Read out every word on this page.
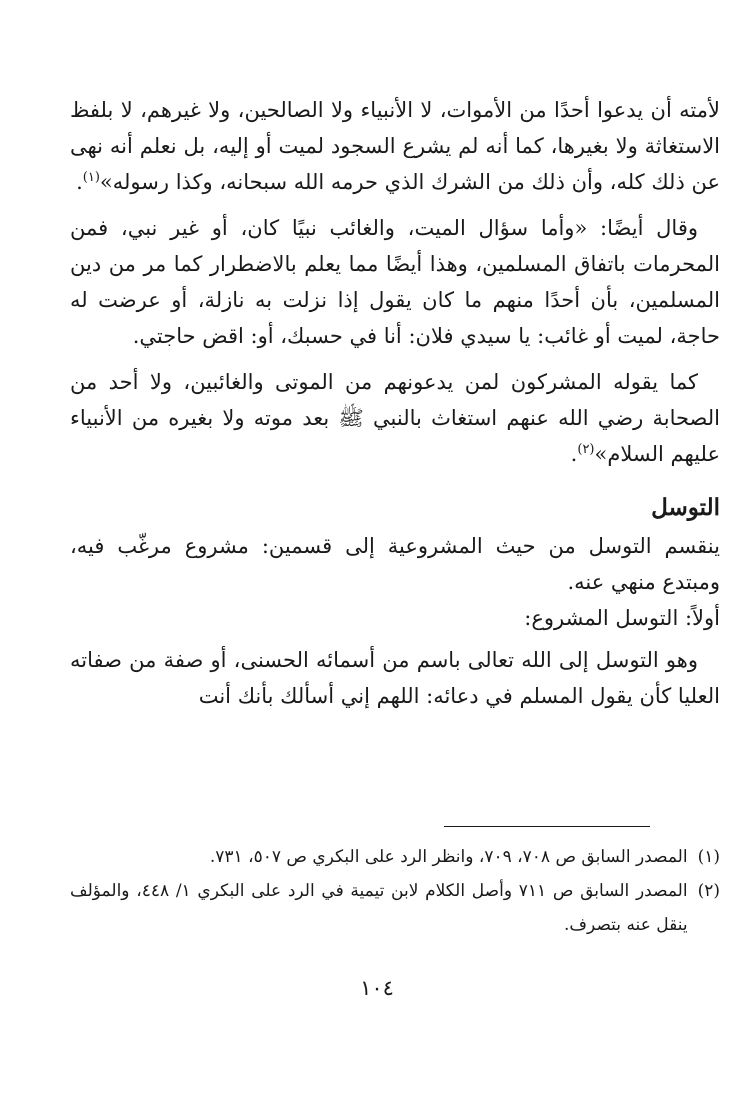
لأمته أن يدعوا أحدًا من الأموات، لا الأنبياء ولا الصالحين، ولا غيرهم، لا بلفظ الاستغاثة ولا بغيرها، كما أنه لم يشرع السجود لميت أو إليه، بل نعلم أنه نهى عن ذلك كله، وأن ذلك من الشرك الذي حرمه الله سبحانه، وكذا رسوله»$^{(١)}$.

وقال أيضًا: «وأما سؤال الميت، والغائب نبيًا كان، أو غير نبي، فمن المحرمات باتفاق المسلمين، وهذا أيضًا مما يعلم بالاضطرار كما مر من دين المسلمين، بأن أحدًا منهم ما كان يقول إذا نزلت به نازلة، أو عرضت له حاجة، لميت أو غائب: يا سيدي فلان: أنا في حسبك، أو: اقض حاجتي.

كما يقوله المشركون لمن يدعونهم من الموتى والغائبين، ولا أحد من الصحابة رضي الله عنهم استغاث بالنبي ﷺ بعد موته ولا بغيره من الأنبياء عليهم السلام»$^{(٢)}$.

التوسل

ينقسم التوسل من حيث المشروعية إلى قسمين: مشروع مرغّب فيه، ومبتدع منهي عنه.

أولاً: التوسل المشروع:

وهو التوسل إلى الله تعالى باسم من أسمائه الحسنى، أو صفة من صفاته العليا كأن يقول المسلم في دعائه: اللهم إني أسألك بأنك أنت

(١)
المصدر السابق ص ٧٠٨، ٧٠٩، وانظر الرد على البكري ص ٥٠٧، ٧٣١.
(٢)
المصدر السابق ص ٧١١ وأصل الكلام لابن تيمية في الرد على البكري ١/ ٤٤٨، والمؤلف ينقل عنه بتصرف.
١٠٤
